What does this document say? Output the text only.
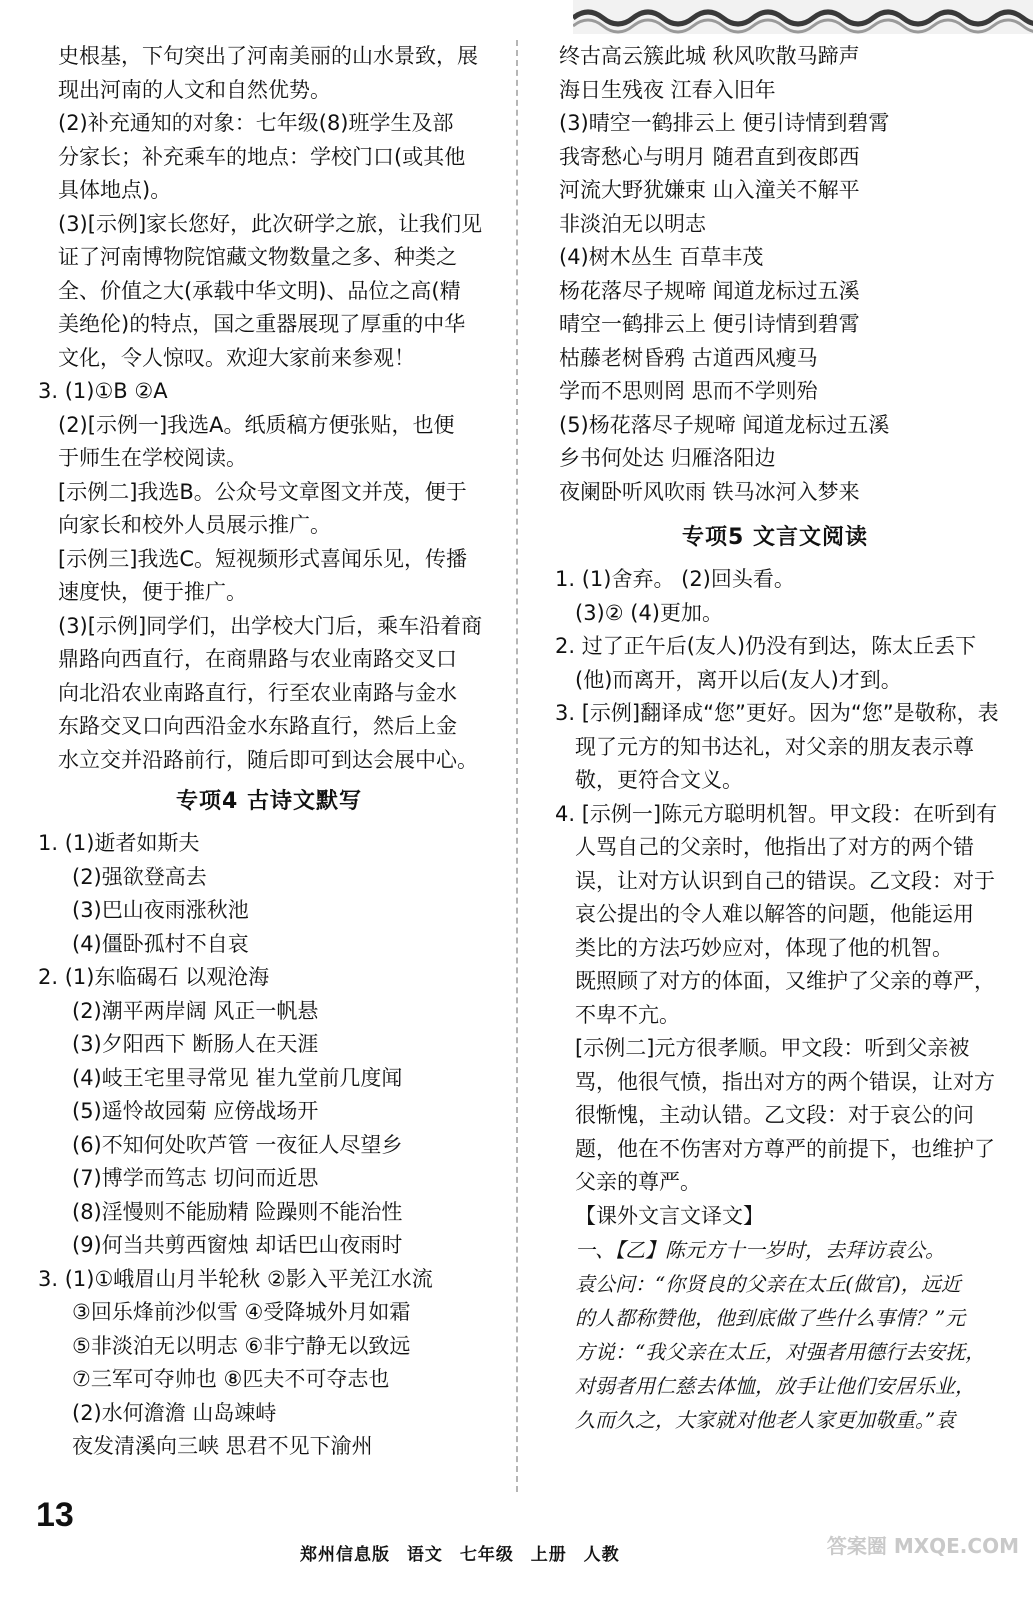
史根基，下句突出了河南美丽的山水景致，展
现出河南的人文和自然优势。
(2)补充通知的对象：七年级(8)班学生及部
分家长；补充乘车的地点：学校门口(或其他
具体地点)。
(3)[示例]家长您好，此次研学之旅，让我们见
证了河南博物院馆藏文物数量之多、种类之
全、价值之大(承载中华文明)、品位之高(精
美绝伦)的特点，国之重器展现了厚重的中华
文化，令人惊叹。欢迎大家前来参观！
3. (1)①B ②A
(2)[示例一]我选A。纸质稿方便张贴，也便
于师生在学校阅读。
[示例二]我选B。公众号文章图文并茂，便于
向家长和校外人员展示推广。
[示例三]我选C。短视频形式喜闻乐见，传播
速度快，便于推广。
(3)[示例]同学们，出学校大门后，乘车沿着商
鼎路向西直行，在商鼎路与农业南路交叉口
向北沿农业南路直行，行至农业南路与金水
东路交叉口向西沿金水东路直行，然后上金
水立交并沿路前行，随后即可到达会展中心。
专项4 古诗文默写
1. (1)逝者如斯夫
(2)强欲登高去
(3)巴山夜雨涨秋池
(4)僵卧孤村不自哀
2. (1)东临碣石 以观沧海
(2)潮平两岸阔 风正一帆悬
(3)夕阳西下 断肠人在天涯
(4)岐王宅里寻常见 崔九堂前几度闻
(5)遥怜故园菊 应傍战场开
(6)不知何处吹芦管 一夜征人尽望乡
(7)博学而笃志 切问而近思
(8)淫慢则不能励精 险躁则不能治性
(9)何当共剪西窗烛 却话巴山夜雨时
3. (1)①峨眉山月半轮秋 ②影入平羌江水流
③回乐烽前沙似雪 ④受降城外月如霜
⑤非淡泊无以明志 ⑥非宁静无以致远
⑦三军可夺帅也 ⑧匹夫不可夺志也
(2)水何澹澹 山岛竦峙
夜发清溪向三峡 思君不见下渝州
终古高云簇此城 秋风吹散马蹄声
海日生残夜 江春入旧年
(3)晴空一鹤排云上 便引诗情到碧霄
我寄愁心与明月 随君直到夜郎西
河流大野犹嫌束 山入潼关不解平
非淡泊无以明志
(4)树木丛生 百草丰茂
杨花落尽子规啼 闻道龙标过五溪
晴空一鹤排云上 便引诗情到碧霄
枯藤老树昏鸦 古道西风瘦马
学而不思则罔 思而不学则殆
(5)杨花落尽子规啼 闻道龙标过五溪
乡书何处达 归雁洛阳边
夜阑卧听风吹雨 铁马冰河入梦来
专项5 文言文阅读
1. (1)舍弃。 (2)回头看。
(3)② (4)更加。
2. 过了正午后(友人)仍没有到达，陈太丘丢下
(他)而离开，离开以后(友人)才到。
3. [示例]翻译成“您”更好。因为“您”是敬称，表
现了元方的知书达礼，对父亲的朋友表示尊
敬，更符合文义。
4. [示例一]陈元方聪明机智。甲文段：在听到有
人骂自己的父亲时，他指出了对方的两个错
误，让对方认识到自己的错误。乙文段：对于
哀公提出的令人难以解答的问题，他能运用
类比的方法巧妙应对，体现了他的机智。
既照顾了对方的体面，又维护了父亲的尊严，
不卑不亢。
[示例二]元方很孝顺。甲文段：听到父亲被
骂，他很气愤，指出对方的两个错误，让对方
很惭愧，主动认错。乙文段：对于哀公的问
题，他在不伤害对方尊严的前提下，也维护了
父亲的尊严。
【课外文言文译文】
一、【乙】陈元方十一岁时，去拜访袁公。
袁公问：“你贤良的父亲在太丘(做官)，远近
的人都称赞他，他到底做了些什么事情？”元
方说：“我父亲在太丘，对强者用德行去安抚，
对弱者用仁慈去体恤，放手让他们安居乐业，
久而久之，大家就对他老人家更加敬重。”袁
13
郑州信息版 语文 七年级 上册 人教	答案圈 MXQE.COM
